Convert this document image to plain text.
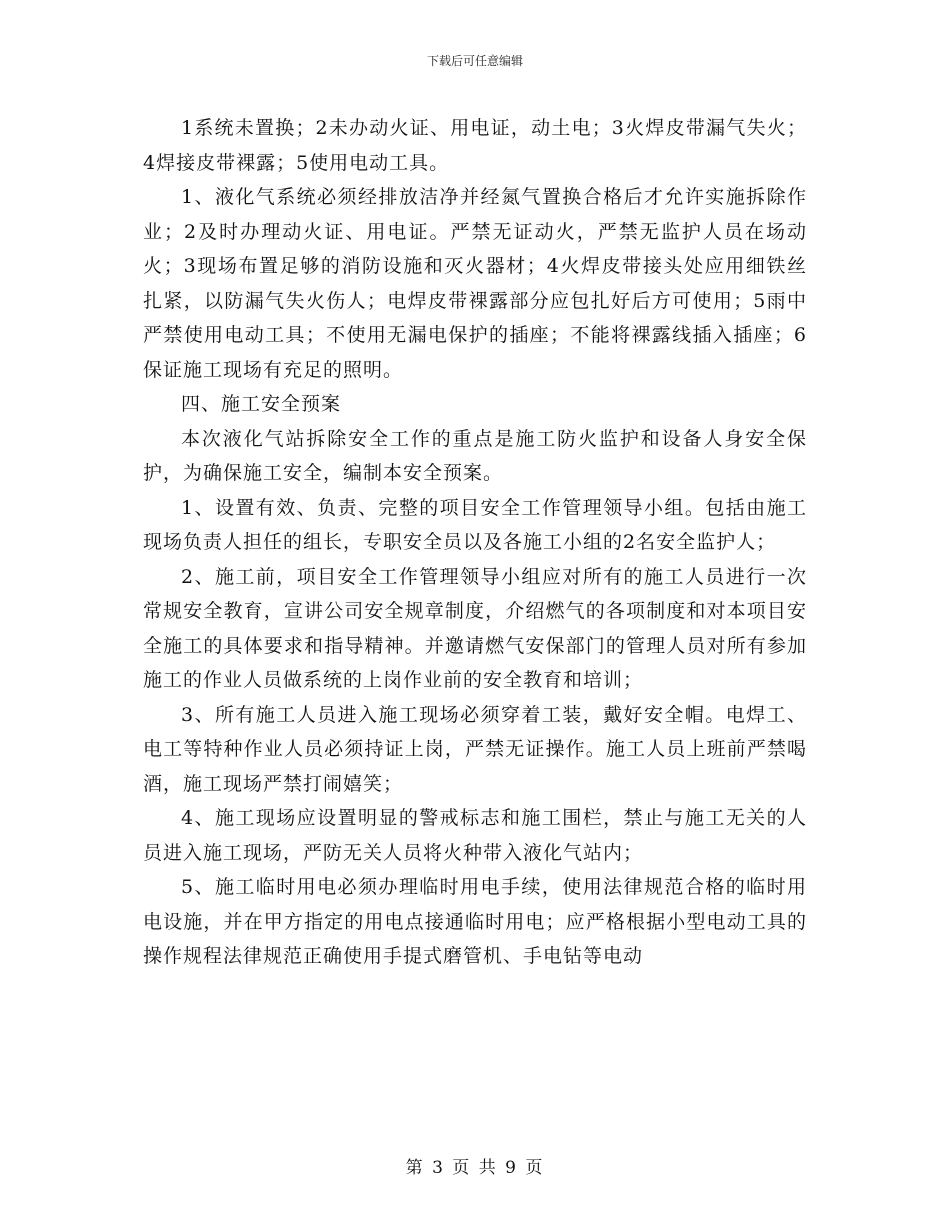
下载后可任意编辑

1系统未置换；2未办动火证、用电证，动土电；3火焊皮带漏气失火；4焊接皮带裸露；5使用电动工具。

1、液化气系统必须经排放洁净并经氮气置换合格后才允许实施拆除作业；2及时办理动火证、用电证。严禁无证动火，严禁无监护人员在场动火；3现场布置足够的消防设施和灭火器材；4火焊皮带接头处应用细铁丝扎紧，以防漏气失火伤人；电焊皮带裸露部分应包扎好后方可使用；5雨中严禁使用电动工具；不使用无漏电保护的插座；不能将裸露线插入插座；6保证施工现场有充足的照明。

四、施工安全预案

本次液化气站拆除安全工作的重点是施工防火监护和设备人身安全保护，为确保施工安全，编制本安全预案。

1、设置有效、负责、完整的项目安全工作管理领导小组。包括由施工现场负责人担任的组长，专职安全员以及各施工小组的2名安全监护人；

2、施工前，项目安全工作管理领导小组应对所有的施工人员进行一次常规安全教育，宣讲公司安全规章制度，介绍燃气的各项制度和对本项目安全施工的具体要求和指导精神。并邀请燃气安保部门的管理人员对所有参加施工的作业人员做系统的上岗作业前的安全教育和培训；

3、所有施工人员进入施工现场必须穿着工装，戴好安全帽。电焊工、电工等特种作业人员必须持证上岗，严禁无证操作。施工人员上班前严禁喝酒，施工现场严禁打闹嬉笑；

4、施工现场应设置明显的警戒标志和施工围栏，禁止与施工无关的人员进入施工现场，严防无关人员将火种带入液化气站内；

5、施工临时用电必须办理临时用电手续，使用法律规范合格的临时用电设施，并在甲方指定的用电点接通临时用电；应严格根据小型电动工具的操作规程法律规范正确使用手提式磨管机、手电钻等电动

第 3 页 共 9 页
